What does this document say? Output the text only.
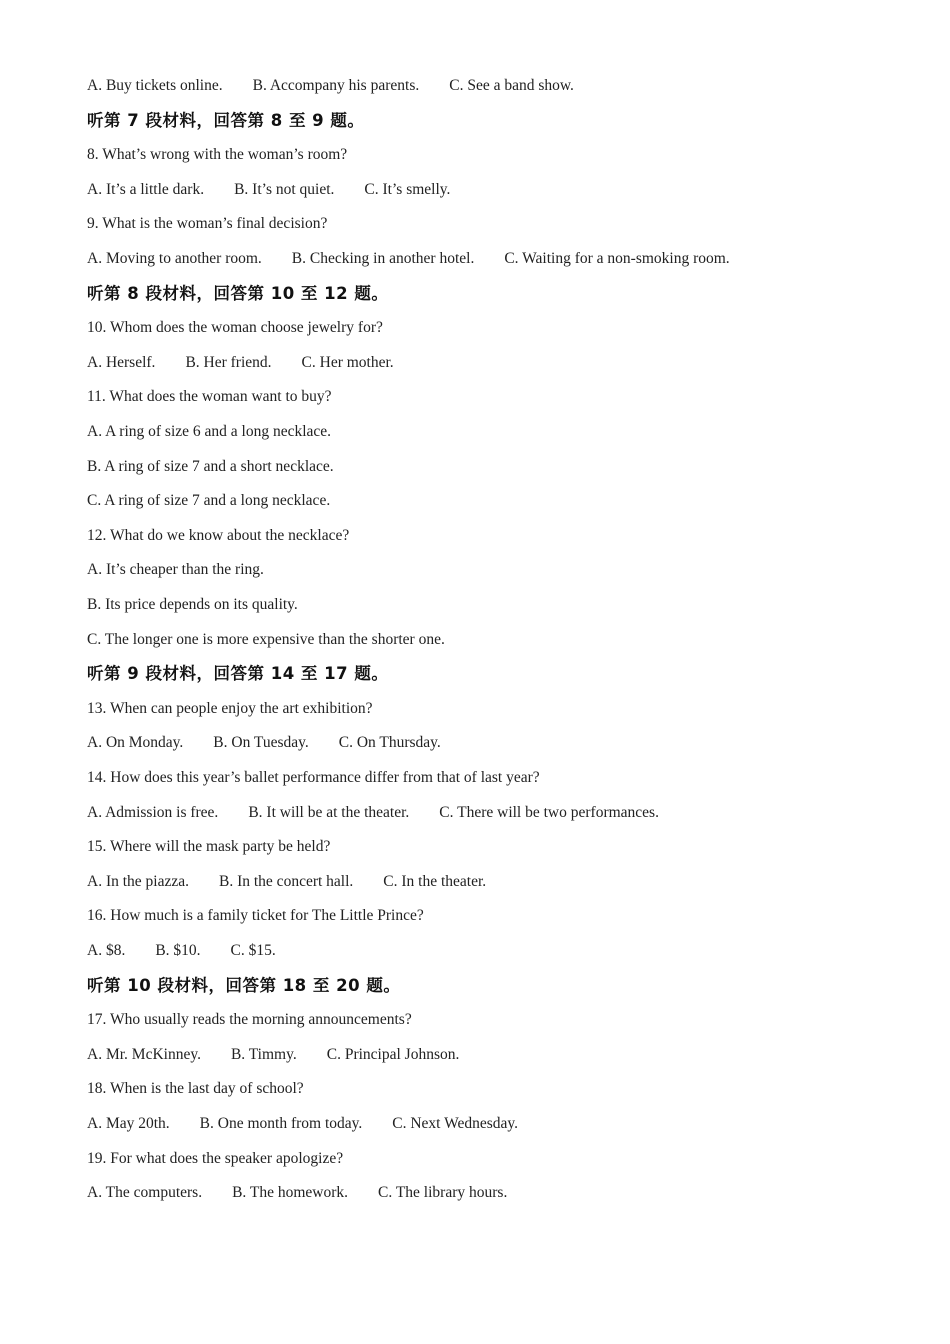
A. Buy tickets online. B. Accompany his parents. C. See a band show.
听第 7 段材料，回答第 8 至 9 题。
8. What’s wrong with the woman’s room?
A. It’s a little dark. B. It’s not quiet. C. It’s smelly.
9. What is the woman’s final decision?
A. Moving to another room. B. Checking in another hotel. C. Waiting for a non-smoking room.
听第 8 段材料，回答第 10 至 12 题。
10. Whom does the woman choose jewelry for?
A. Herself. B. Her friend. C. Her mother.
11. What does the woman want to buy?
A. A ring of size 6 and a long necklace.
B. A ring of size 7 and a short necklace.
C. A ring of size 7 and a long necklace.
12. What do we know about the necklace?
A. It’s cheaper than the ring.
B. Its price depends on its quality.
C. The longer one is more expensive than the shorter one.
听第 9 段材料，回答第 14 至 17 题。
13. When can people enjoy the art exhibition?
A. On Monday. B. On Tuesday. C. On Thursday.
14. How does this year’s ballet performance differ from that of last year?
A. Admission is free. B. It will be at the theater. C. There will be two performances.
15. Where will the mask party be held?
A. In the piazza. B. In the concert hall. C. In the theater.
16. How much is a family ticket for The Little Prince?
A. $8. B. $10. C. $15.
听第 10 段材料，回答第 18 至 20 题。
17. Who usually reads the morning announcements?
A. Mr. McKinney. B. Timmy. C. Principal Johnson.
18. When is the last day of school?
A. May 20th. B. One month from today. C. Next Wednesday.
19. For what does the speaker apologize?
A. The computers. B. The homework. C. The library hours.
